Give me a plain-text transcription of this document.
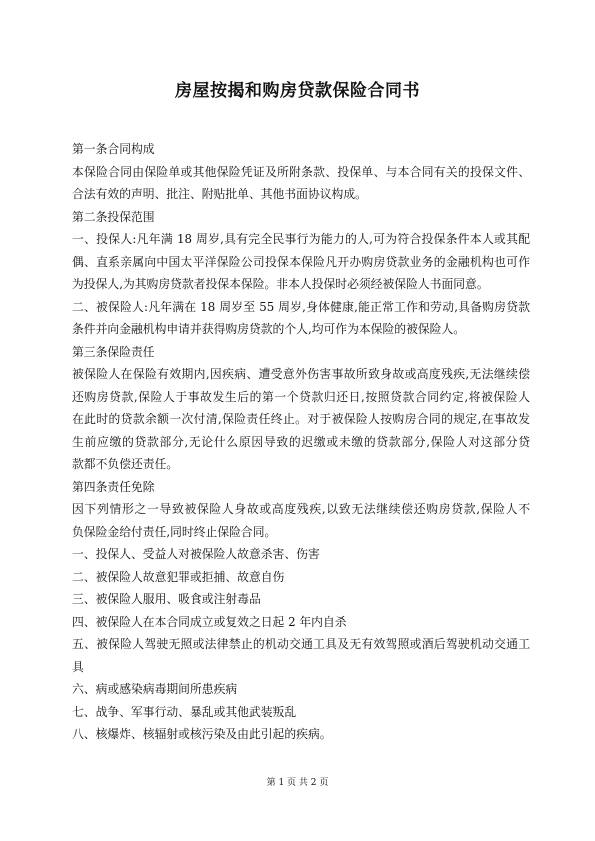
房屋按揭和购房贷款保险合同书
第一条合同构成
本保险合同由保险单或其他保险凭证及所附条款、投保单、与本合同有关的投保文件、
合法有效的声明、批注、附贴批单、其他书面协议构成。
第二条投保范围
一、投保人:凡年满 18 周岁,具有完全民事行为能力的人,可为符合投保条件本人或其配
偶、直系亲属向中国太平洋保险公司投保本保险凡开办购房贷款业务的金融机构也可作
为投保人,为其购房贷款者投保本保险。非本人投保时必须经被保险人书面同意。
二、被保险人:凡年满在 18 周岁至 55 周岁,身体健康,能正常工作和劳动,具备购房贷款
条件并向金融机构申请并获得购房贷款的个人,均可作为本保险的被保险人。
第三条保险责任
被保险人在保险有效期内,因疾病、遭受意外伤害事故所致身故或高度残疾,无法继续偿
还购房贷款,保险人于事故发生后的第一个贷款归还日,按照贷款合同约定,将被保险人
在此时的贷款余额一次付清,保险责任终止。对于被保险人按购房合同的规定,在事故发
生前应缴的贷款部分,无论什么原因导致的迟缴或未缴的贷款部分,保险人对这部分贷
款都不负偿还责任。
第四条责任免除
因下列情形之一导致被保险人身故或高度残疾,以致无法继续偿还购房贷款,保险人不
负保险金给付责任,同时终止保险合同。
一、投保人、受益人对被保险人故意杀害、伤害
二、被保险人故意犯罪或拒捕、故意自伤
三、被保险人服用、吸食或注射毒品
四、被保险人在本合同成立或复效之日起 2 年内自杀
五、被保险人驾驶无照或法律禁止的机动交通工具及无有效驾照或酒后驾驶机动交通工
具
六、病或感染病毒期间所患疾病
七、战争、军事行动、暴乱或其他武装叛乱
八、核爆炸、核辐射或核污染及由此引起的疾病。
第 1 页 共 2 页
